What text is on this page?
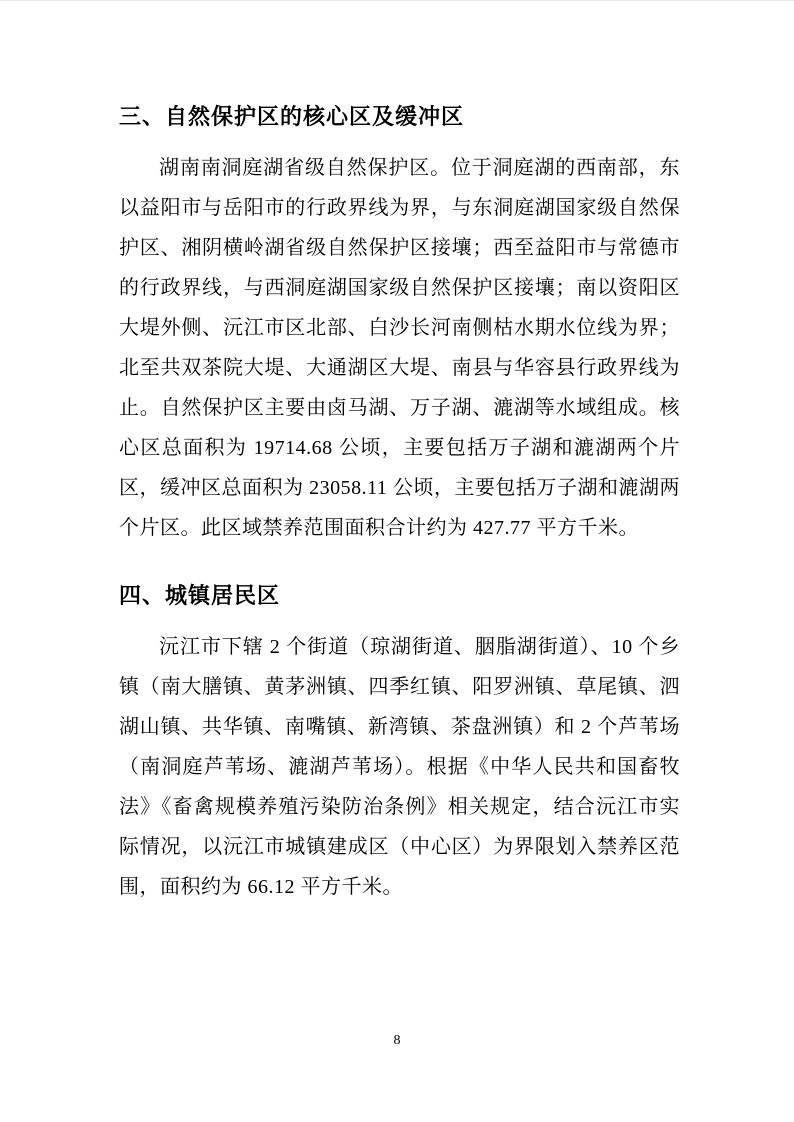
三、自然保护区的核心区及缓冲区

湖南南洞庭湖省级自然保护区。位于洞庭湖的西南部，东以益阳市与岳阳市的行政界线为界，与东洞庭湖国家级自然保护区、湘阴横岭湖省级自然保护区接壤；西至益阳市与常德市的行政界线，与西洞庭湖国家级自然保护区接壤；南以资阳区大堤外侧、沅江市区北部、白沙长河南侧枯水期水位线为界；北至共双茶院大堤、大通湖区大堤、南县与华容县行政界线为止。自然保护区主要由卤马湖、万子湖、漉湖等水域组成。核心区总面积为 19714.68 公顷，主要包括万子湖和漉湖两个片区，缓冲区总面积为 23058.11 公顷，主要包括万子湖和漉湖两个片区。此区域禁养范围面积合计约为 427.77 平方千米。

四、城镇居民区

沅江市下辖 2 个街道（琼湖街道、胭脂湖街道）、10 个乡镇（南大膳镇、黄茅洲镇、四季红镇、阳罗洲镇、草尾镇、泗湖山镇、共华镇、南嘴镇、新湾镇、茶盘洲镇）和 2 个芦苇场（南洞庭芦苇场、漉湖芦苇场）。根据《中华人民共和国畜牧法》《畜禽规模养殖污染防治条例》相关规定，结合沅江市实际情况，以沅江市城镇建成区（中心区）为界限划入禁养区范围，面积约为 66.12 平方千米。

8
